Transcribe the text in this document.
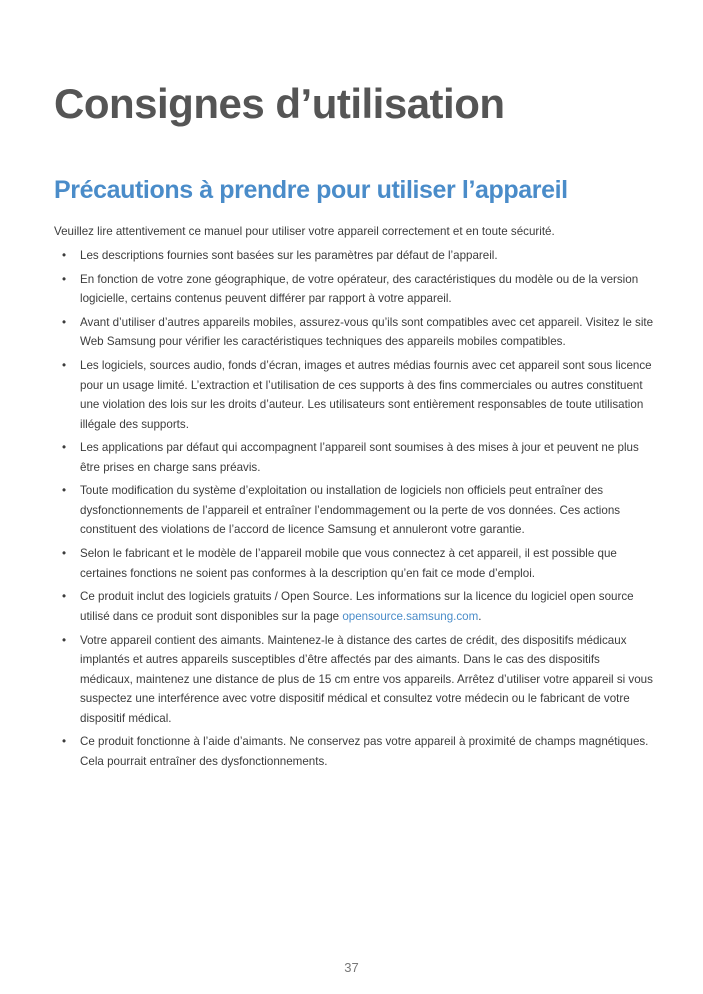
Consignes d’utilisation
Précautions à prendre pour utiliser l’appareil

Veuillez lire attentivement ce manuel pour utiliser votre appareil correctement et en toute sécurité.

• Les descriptions fournies sont basées sur les paramètres par défaut de l’appareil.
• En fonction de votre zone géographique, de votre opérateur, des caractéristiques du modèle ou de la version logicielle, certains contenus peuvent différer par rapport à votre appareil.
• Avant d’utiliser d’autres appareils mobiles, assurez-vous qu’ils sont compatibles avec cet appareil. Visitez le site Web Samsung pour vérifier les caractéristiques techniques des appareils mobiles compatibles.
• Les logiciels, sources audio, fonds d’écran, images et autres médias fournis avec cet appareil sont sous licence pour un usage limité. L’extraction et l’utilisation de ces supports à des fins commerciales ou autres constituent une violation des lois sur les droits d’auteur. Les utilisateurs sont entièrement responsables de toute utilisation illégale des supports.
• Les applications par défaut qui accompagnent l’appareil sont soumises à des mises à jour et peuvent ne plus être prises en charge sans préavis.
• Toute modification du système d’exploitation ou installation de logiciels non officiels peut entraîner des dysfonctionnements de l’appareil et entraîner l’endommagement ou la perte de vos données. Ces actions constituent des violations de l’accord de licence Samsung et annuleront votre garantie.
• Selon le fabricant et le modèle de l’appareil mobile que vous connectez à cet appareil, il est possible que certaines fonctions ne soient pas conformes à la description qu’en fait ce mode d’emploi.
• Ce produit inclut des logiciels gratuits / Open Source. Les informations sur la licence du logiciel open source utilisé dans ce produit sont disponibles sur la page opensource.samsung.com.
• Votre appareil contient des aimants. Maintenez-le à distance des cartes de crédit, des dispositifs médicaux implantés et autres appareils susceptibles d’être affectés par des aimants. Dans le cas des dispositifs médicaux, maintenez une distance de plus de 15 cm entre vos appareils. Arrêtez d’utiliser votre appareil si vous suspectez une interférence avec votre dispositif médical et consultez votre médecin ou le fabricant de votre dispositif médical.
• Ce produit fonctionne à l’aide d’aimants. Ne conservez pas votre appareil à proximité de champs magnétiques. Cela pourrait entraîner des dysfonctionnements.
37
